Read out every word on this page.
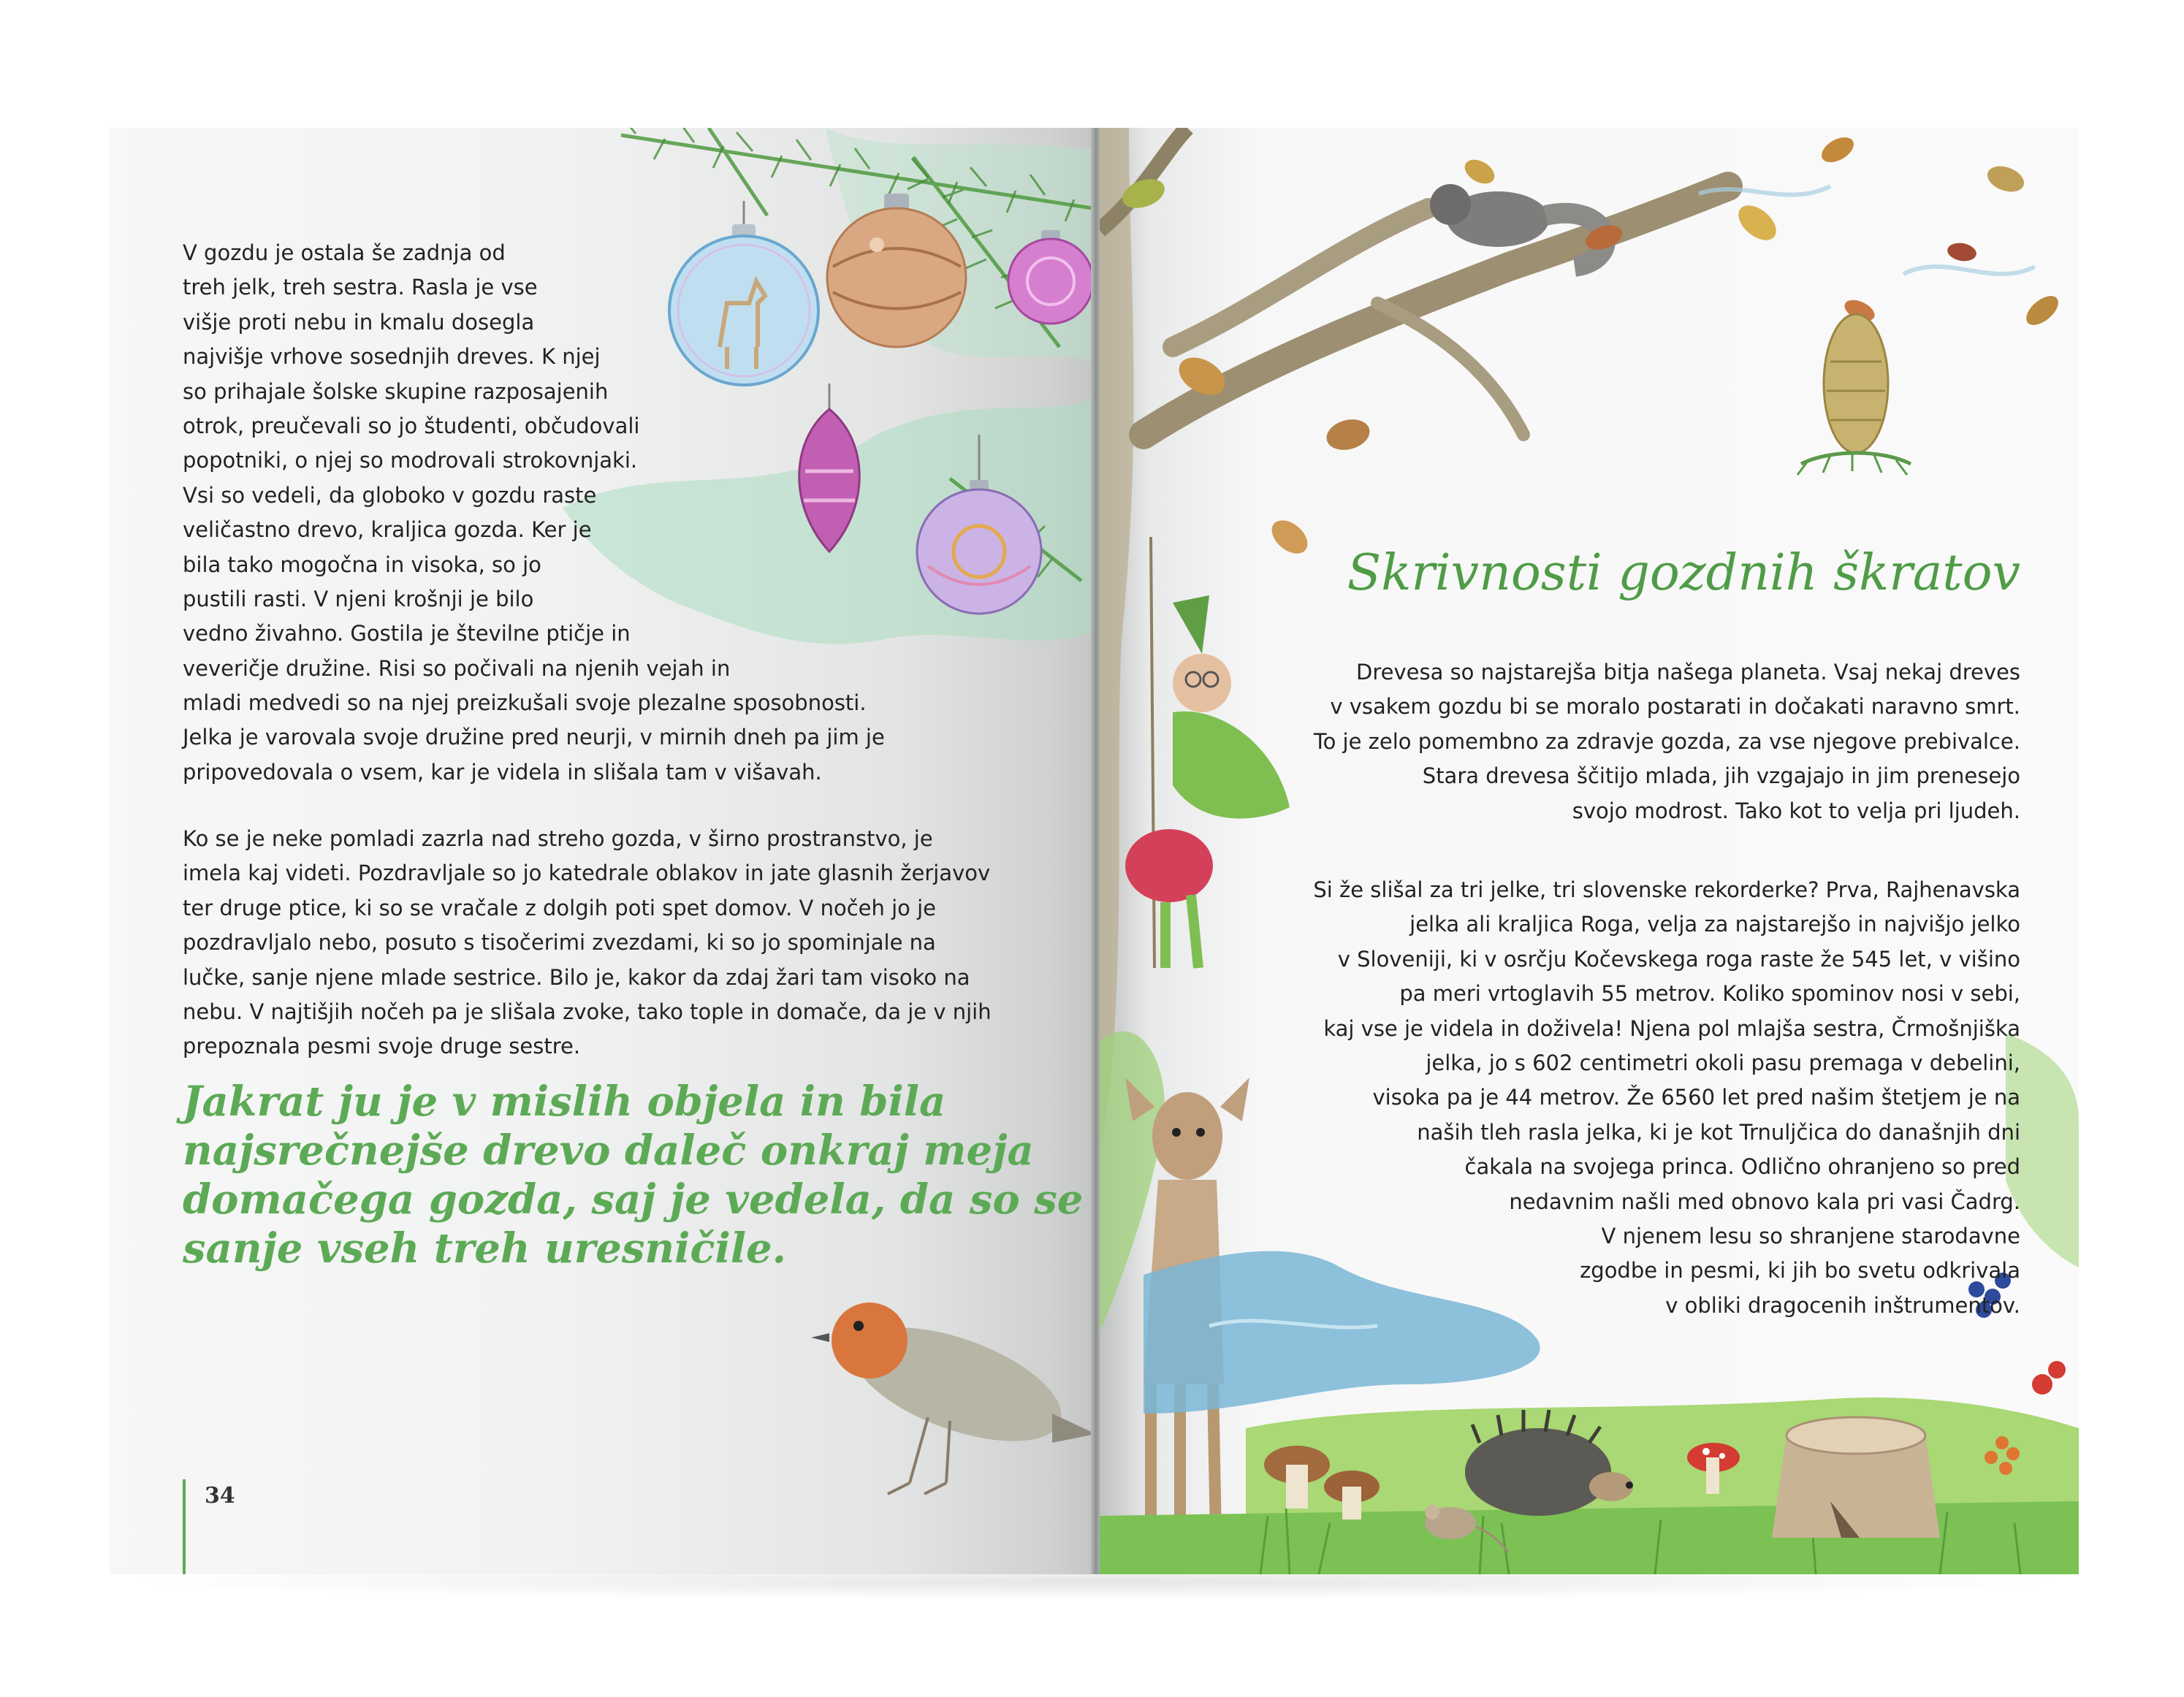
V gozdu je ostala še zadnja od
treh jelk, treh sestra. Rasla je vse
višje proti nebu in kmalu dosegla
najvišje vrhove sosednjih dreves. K njej
so prihajale šolske skupine razposajenih
otrok, preučevali so jo študenti, občudovali
popotniki, o njej so modrovali strokovnjaki.
Vsi so vedeli, da globoko v gozdu raste
veličastno drevo, kraljica gozda. Ker je
bila tako mogočna in visoka, so jo
pustili rasti. V njeni krošnji je bilo
vedno živahno. Gostila je številne ptičje in
veveričje družine. Risi so počivali na njenih vejah in
mladi medvedi so na njej preizkušali svoje plezalne sposobnosti.
Jelka je varovala svoje družine pred neurji, v mirnih dneh pa jim je
pripovedovala o vsem, kar je videla in slišala tam v višavah.
Ko se je neke pomladi zazrla nad streho gozda, v širno prostranstvo, je
imela kaj videti. Pozdravljale so jo katedrale oblakov in jate glasnih žerjavov
ter druge ptice, ki so se vračale z dolgih poti spet domov. V nočeh jo je
pozdravljalo nebo, posuto s tisočerimi zvezdami, ki so jo spominjale na
lučke, sanje njene mlade sestrice. Bilo je, kakor da zdaj žari tam visoko na
nebu. V najtišjih nočeh pa je slišala zvoke, tako tople in domače, da je v njih
prepoznala pesmi svoje druge sestre.
Jakrat ju je v mislih objela in bila
najsrečnejše drevo daleč onkraj meja
domačega gozda, saj je vedela, da so se
sanje vseh treh uresničile.
34
Skrivnosti gozdnih škratov
Drevesa so najstarejša bitja našega planeta. Vsaj nekaj dreves
v vsakem gozdu bi se moralo postarati in dočakati naravno smrt.
To je zelo pomembno za zdravje gozda, za vse njegove prebivalce.
Stara drevesa ščitijo mlada, jih vzgajajo in jim prenesejo
svojo modrost. Tako kot to velja pri ljudeh.
Si že slišal za tri jelke, tri slovenske rekorderke? Prva, Rajhenavska
jelka ali kraljica Roga, velja za najstarejšo in najvišjo jelko
v Sloveniji, ki v osrčju Kočevskega roga raste že 545 let, v višino
pa meri vrtoglavih 55 metrov. Koliko spominov nosi v sebi,
kaj vse je videla in doživela! Njena pol mlajša sestra, Črmošnjiška
jelka, jo s 602 centimetri okoli pasu premaga v debelini,
visoka pa je 44 metrov. Že 6560 let pred našim štetjem je na
naših tleh rasla jelka, ki je kot Trnuljčica do današnjih dni
čakala na svojega princa. Odlično ohranjeno so pred
nedavnim našli med obnovo kala pri vasi Čadrg.
V njenem lesu so shranjene starodavne
zgodbe in pesmi, ki jih bo svetu odkrivala
v obliki dragocenih inštrumentov.
